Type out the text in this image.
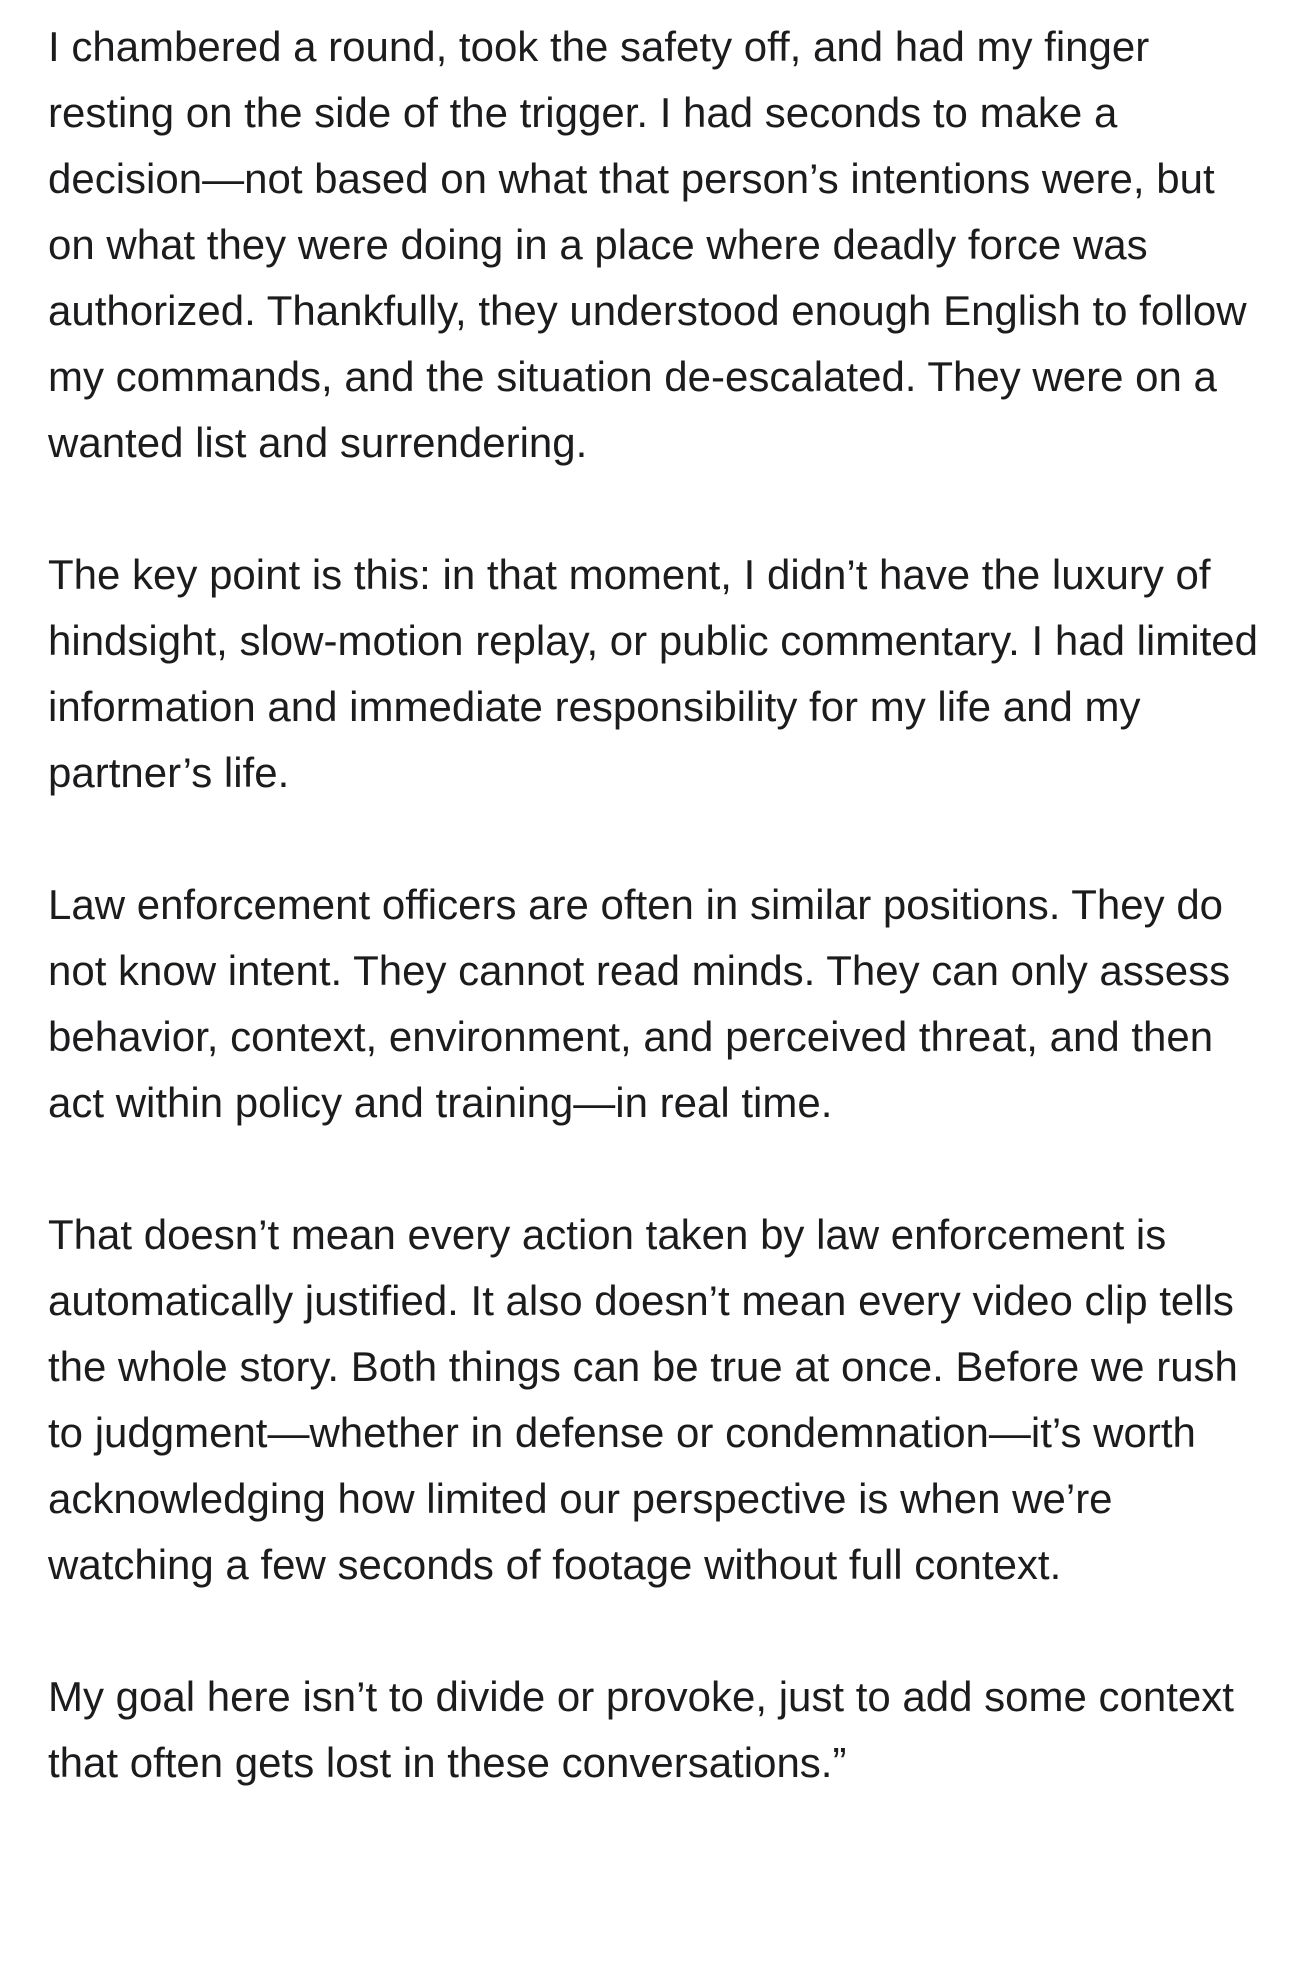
I chambered a round, took the safety off, and had my finger resting on the side of the trigger. I had seconds to make a decision—not based on what that person’s intentions were, but on what they were doing in a place where deadly force was authorized. Thankfully, they understood enough English to follow my commands, and the situation de-escalated. They were on a wanted list and surrendering.

The key point is this: in that moment, I didn’t have the luxury of hindsight, slow-motion replay, or public commentary. I had limited information and immediate responsibility for my life and my partner’s life.

Law enforcement officers are often in similar positions. They do not know intent. They cannot read minds. They can only assess behavior, context, environment, and perceived threat, and then act within policy and training—in real time.

That doesn’t mean every action taken by law enforcement is automatically justified. It also doesn’t mean every video clip tells the whole story. Both things can be true at once. Before we rush to judgment—whether in defense or condemnation—it’s worth acknowledging how limited our perspective is when we’re watching a few seconds of footage without full context.

My goal here isn’t to divide or provoke, just to add some context that often gets lost in these conversations.”
